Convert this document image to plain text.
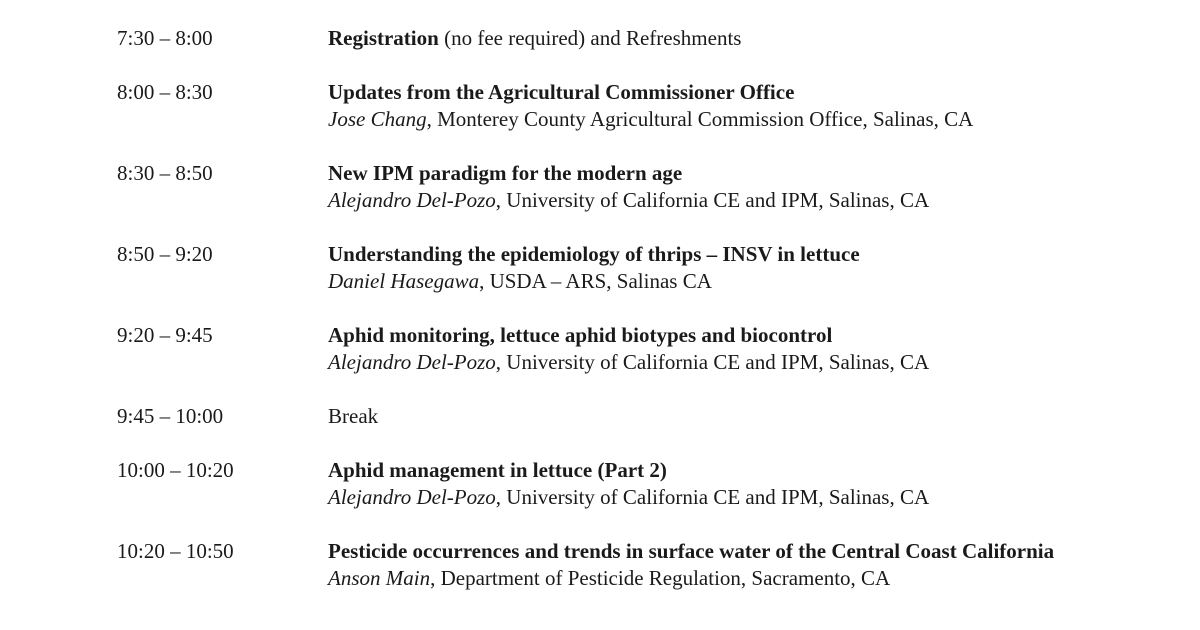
7:30 – 8:00	Registration (no fee required) and Refreshments
8:00 – 8:30	Updates from the Agricultural Commissioner Office
Jose Chang, Monterey County Agricultural Commission Office, Salinas, CA
8:30 – 8:50	New IPM paradigm for the modern age
Alejandro Del-Pozo, University of California CE and IPM, Salinas, CA
8:50 – 9:20	Understanding the epidemiology of thrips – INSV in lettuce
Daniel Hasegawa, USDA – ARS, Salinas CA
9:20 – 9:45	Aphid monitoring, lettuce aphid biotypes and biocontrol
Alejandro Del-Pozo, University of California CE and IPM, Salinas, CA
9:45 – 10:00	Break
10:00 – 10:20	Aphid management in lettuce (Part 2)
Alejandro Del-Pozo, University of California CE and IPM, Salinas, CA
10:20 – 10:50	Pesticide occurrences and trends in surface water of the Central Coast California
Anson Main, Department of Pesticide Regulation, Sacramento, CA
